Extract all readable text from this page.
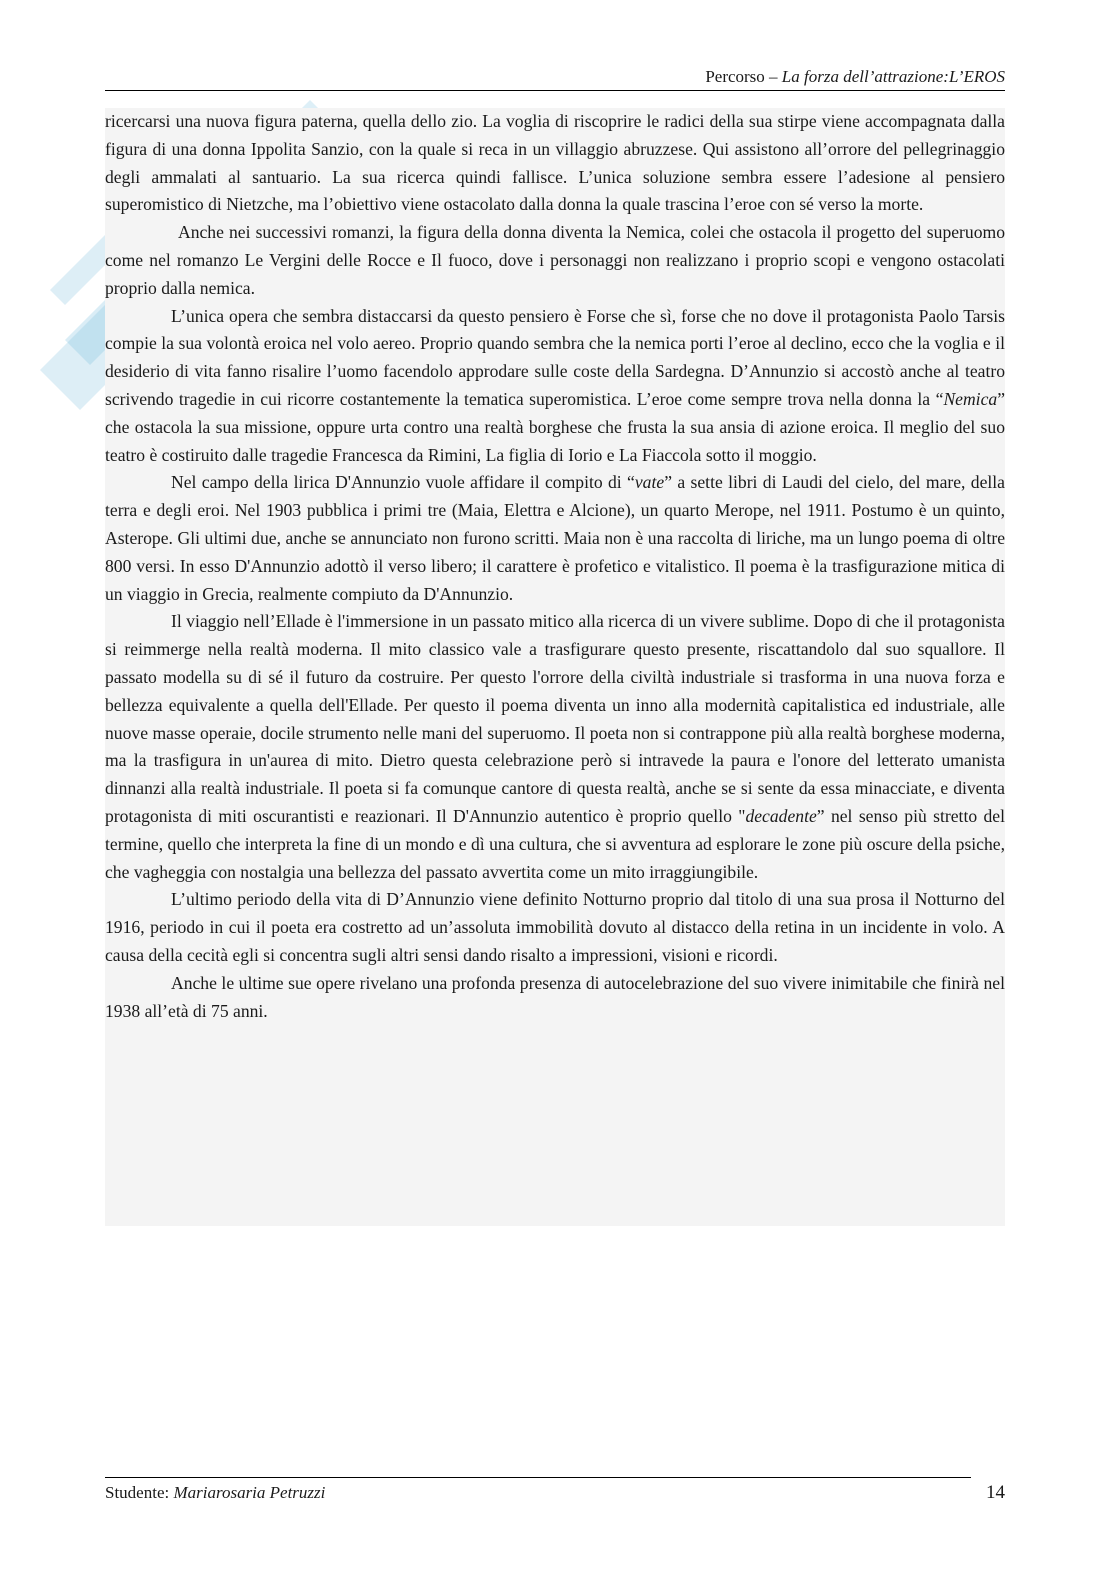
Percorso – La forza dell’attrazione:L’EROS

ricercarsi una nuova figura paterna, quella dello zio. La voglia di riscoprire le radici della sua stirpe viene accompagnata dalla figura di una donna Ippolita Sanzio, con la quale si reca in un villaggio abruzzese. Qui assistono all’orrore del pellegrinaggio degli ammalati al santuario. La sua ricerca quindi fallisce. L’unica soluzione sembra essere l’adesione al pensiero superomistico di Nietzche, ma l’obiettivo viene ostacolato dalla donna la quale trascina l’eroe con sé verso la morte.

Anche nei successivi romanzi, la figura della donna diventa la Nemica, colei che ostacola il progetto del superuomo come nel romanzo Le Vergini delle Rocce e Il fuoco, dove i personaggi non realizzano i proprio scopi e vengono ostacolati proprio dalla nemica.

L’unica opera che sembra distaccarsi da questo pensiero è Forse che sì, forse che no dove il protagonista Paolo Tarsis compie la sua volontà eroica nel volo aereo. Proprio quando sembra che la nemica porti l’eroe al declino, ecco che la voglia e il desiderio di vita fanno risalire l’uomo facendolo approdare sulle coste della Sardegna. D’Annunzio si accostò anche al teatro scrivendo tragedie in cui ricorre costantemente la tematica superomistica. L’eroe come sempre trova nella donna la “Nemica” che ostacola la sua missione, oppure urta contro una realtà borghese che frusta la sua ansia di azione eroica. Il meglio del suo teatro è costiruito dalle tragedie Francesca da Rimini, La figlia di Iorio e La Fiaccola sotto il moggio.

Nel campo della lirica D'Annunzio vuole affidare il compito di “vate” a sette libri di Laudi del cielo, del mare, della terra e degli eroi. Nel 1903 pubblica i primi tre (Maia, Elettra e Alcione), un quarto Merope, nel 1911. Postumo è un quinto, Asterope. Gli ultimi due, anche se annunciato non furono scritti. Maia non è una raccolta di liriche, ma un lungo poema di oltre 800 versi. In esso D'Annunzio adottò il verso libero; il carattere è profetico e vitalistico. Il poema è la trasfigurazione mitica di un viaggio in Grecia, realmente compiuto da D'Annunzio.

Il viaggio nell’Ellade è l'immersione in un passato mitico alla ricerca di un vivere sublime. Dopo di che il protagonista si reimmerge nella realtà moderna. Il mito classico vale a trasfigurare questo presente, riscattandolo dal suo squallore. Il passato modella su di sé il futuro da costruire. Per questo l'orrore della civiltà industriale si trasforma in una nuova forza e bellezza equivalente a quella dell'Ellade. Per questo il poema diventa un inno alla modernità capitalistica ed industriale, alle nuove masse operaie, docile strumento nelle mani del superuomo. Il poeta non si contrappone più alla realtà borghese moderna, ma la trasfigura in un'aurea di mito. Dietro questa celebrazione però si intravede la paura e l'onore del letterato umanista dinnanzi alla realtà industriale. Il poeta si fa comunque cantore di questa realtà, anche se si sente da essa minacciate, e diventa protagonista di miti oscurantisti e reazionari. Il D'Annunzio autentico è proprio quello "decadente” nel senso più stretto del termine, quello che interpreta la fine di un mondo e dì una cultura, che si avventura ad esplorare le zone più oscure della psiche, che vagheggia con nostalgia una bellezza del passato avvertita come un mito irraggiungibile.

L’ultimo periodo della vita di D’Annunzio viene definito Notturno proprio dal titolo di una sua prosa il Notturno del 1916, periodo in cui il poeta era costretto ad un’assoluta immobilità dovuto al distacco della retina in un incidente in volo. A causa della cecità egli si concentra sugli altri sensi dando risalto a impressioni, visioni e ricordi.

Anche le ultime sue opere rivelano una profonda presenza di autocelebrazione del suo vivere inimitabile che finirà nel 1938 all’età di 75 anni.

Studente: Mariarosaria Petruzzi	14
